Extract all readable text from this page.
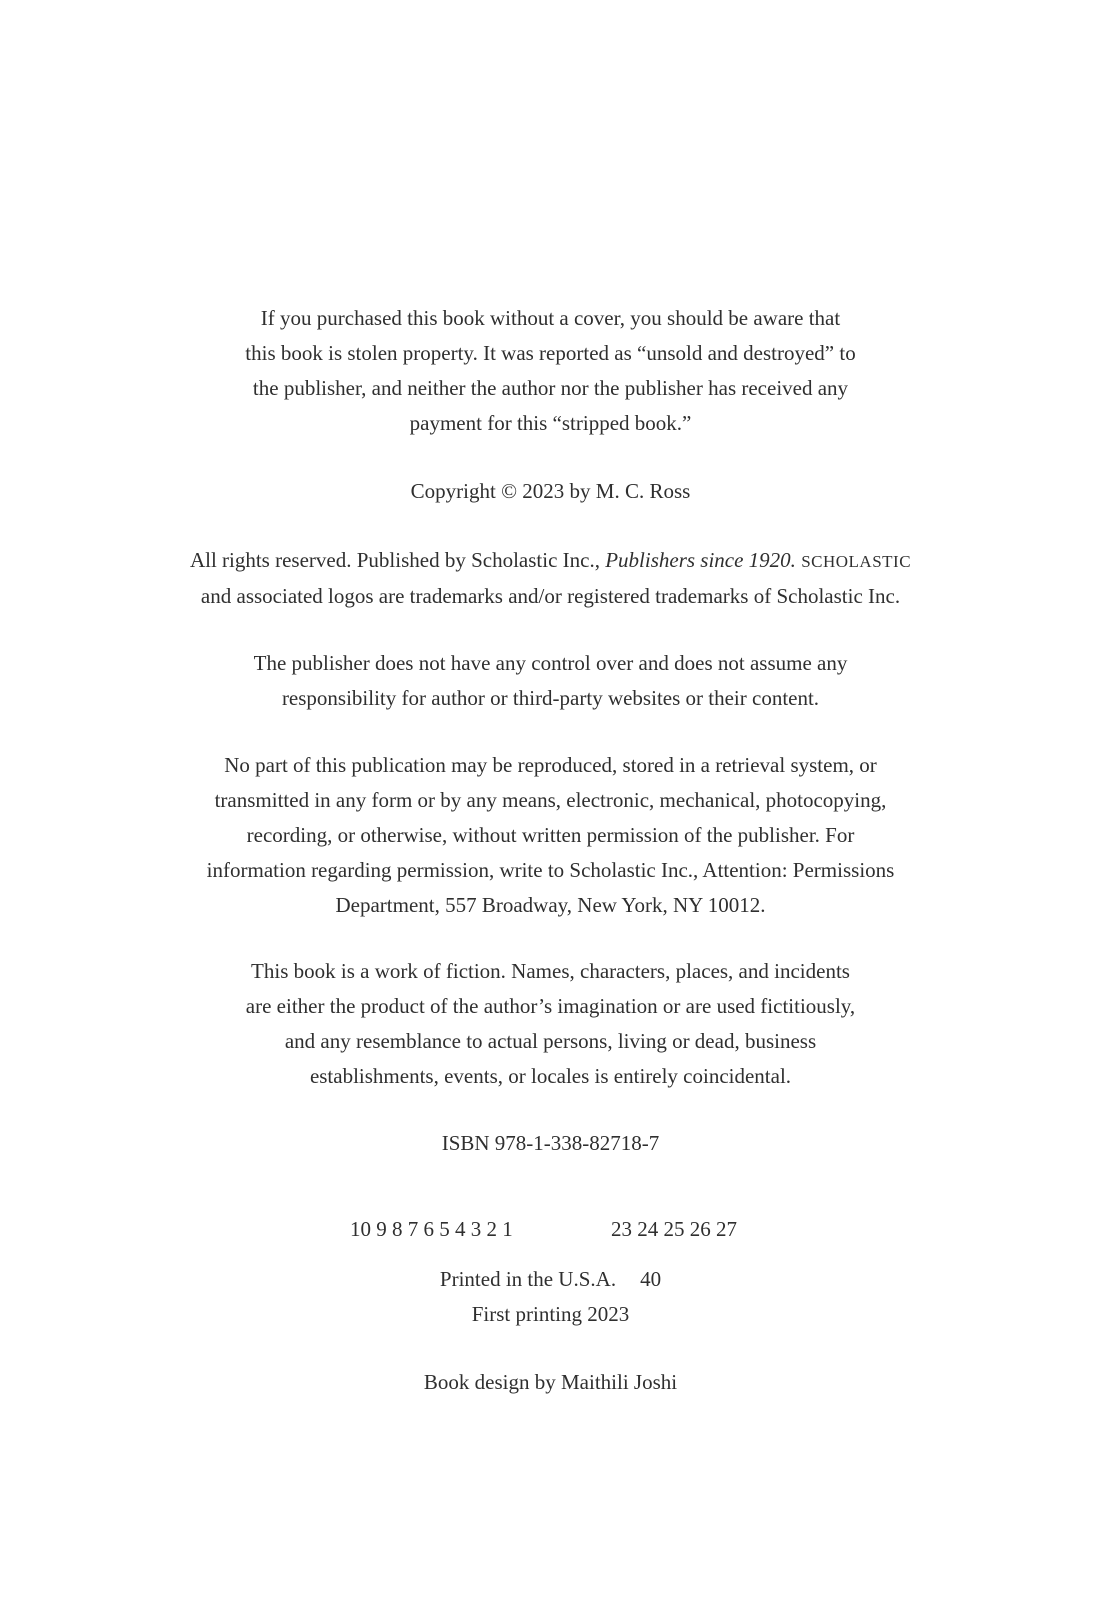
If you purchased this book without a cover, you should be aware that
this book is stolen property. It was reported as “unsold and destroyed” to
the publisher, and neither the author nor the publisher has received any
payment for this “stripped book.”
Copyright © 2023 by M. C. Ross
All rights reserved. Published by Scholastic Inc., Publishers since 1920. SCHOLASTIC
and associated logos are trademarks and/or registered trademarks of Scholastic Inc.
The publisher does not have any control over and does not assume any
responsibility for author or third-party websites or their content.
No part of this publication may be reproduced, stored in a retrieval system, or
transmitted in any form or by any means, electronic, mechanical, photocopying,
recording, or otherwise, without written permission of the publisher. For
information regarding permission, write to Scholastic Inc., Attention: Permissions
Department, 557 Broadway, New York, NY 10012.
This book is a work of fiction. Names, characters, places, and incidents
are either the product of the author’s imagination or are used fictitiously,
and any resemblance to actual persons, living or dead, business
establishments, events, or locales is entirely coincidental.
ISBN 978-1-338-82718-7
10 9 8 7 6 5 4 3 2 1	23 24 25 26 27
Printed in the U.S.A. 40
First printing 2023
Book design by Maithili Joshi
